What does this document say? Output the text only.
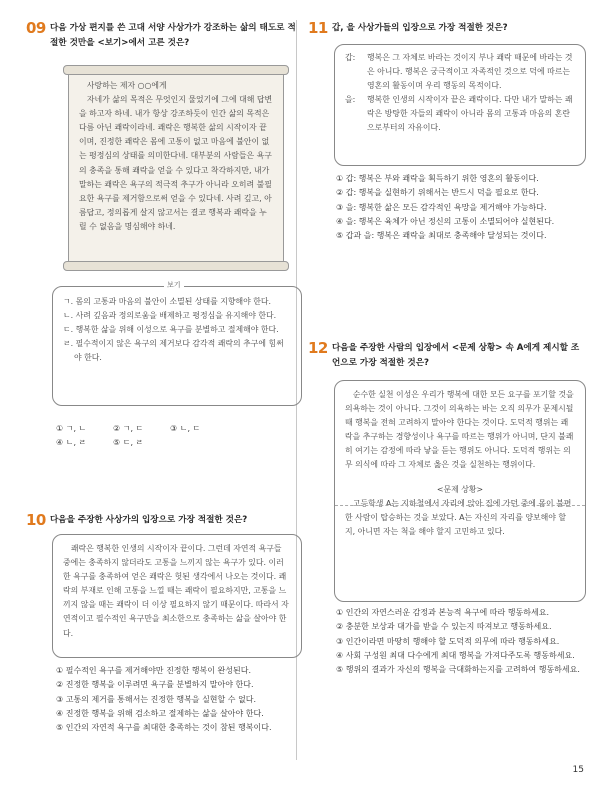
09 다음 가상 편지를 쓴 고대 서양 사상가가 강조하는 삶의 태도로 적절한 것만을 <보기>에서 고른 것은?

사랑하는 제자 ○○에게

자네가 삶의 목적은 무엇인지 물었기에 그에 대해 답변을 하고자 하네. 내가 항상 강조하듯이 인간 삶의 목적은 다름 아닌 쾌락이라네. 쾌락은 행복한 삶의 시작이자 끝이며, 진정한 쾌락은 몸에 고통이 없고 마음에 불안이 없는 평정심의 상태를 의미한다네. 대부분의 사람들은 욕구의 충족을 통해 쾌락을 얻을 수 있다고 착각하지만, 내가 말하는 쾌락은 욕구의 적극적 추구가 아니라 오히려 불필요한 욕구를 제거함으로써 얻을 수 있다네. 사려 깊고, 아름답고, 정의롭게 살지 않고서는 결코 행복과 쾌락을 누릴 수 없음을 명심해야 하네.

ㄱ. 몸의 고통과 마음의 불안이 소멸된 상태를 지향해야 한다.
ㄴ. 사려 깊음과 정의로움을 배제하고 평정심을 유지해야 한다.
ㄷ. 행복한 삶을 위해 이성으로 욕구를 분별하고 절제해야 한다.
ㄹ. 필수적이지 않은 욕구의 제거보다 감각적 쾌락의 추구에 힘써야 한다.
보기
① ㄱ, ㄴ	② ㄱ, ㄷ	③ ㄴ, ㄷ
④ ㄴ, ㄹ	⑤ ㄷ, ㄹ
10 다음을 주장한 사상가의 입장으로 가장 적절한 것은?

쾌락은 행복한 인생의 시작이자 끝이다. 그런데 자연적 욕구들 중에는 충족하지 않더라도 고통을 느끼지 않는 욕구가 있다. 이러한 욕구를 충족하여 얻은 쾌락은 헛된 생각에서 나오는 것이다. 쾌락의 부재로 인해 고통을 느낄 때는 쾌락이 필요하지만, 고통을 느끼지 않을 때는 쾌락이 더 이상 필요하지 않기 때문이다. 따라서 자연적이고 필수적인 욕구만을 최소한으로 충족하는 삶을 살아야 한다.

① 필수적인 욕구를 제거해야만 진정한 행복이 완성된다.
② 진정한 행복을 이루려면 욕구를 분별하지 말아야 한다.
③ 고통의 제거를 통해서는 진정한 행복을 실현할 수 없다.
④ 진정한 행복을 위해 검소하고 절제하는 삶을 살아야 한다.
⑤ 인간의 자연적 욕구를 최대한 충족하는 것이 참된 행복이다.
11 갑, 을 사상가들의 입장으로 가장 적절한 것은?
갑:	행복은 그 자체로 바라는 것이지 부나 쾌락 때문에 바라는 것은 아니다. 행복은 궁극적이고 자족적인 것으로 덕에 따르는 영혼의 활동이며 우리 행동의 목적이다.
을:	행복한 인생의 시작이자 끝은 쾌락이다. 다만 내가 말하는 쾌락은 방탕한 자들의 쾌락이 아니라 몸의 고통과 마음의 혼란으로부터의 자유이다.
① 갑: 행복은 부와 쾌락을 획득하기 위한 영혼의 활동이다.
② 갑: 행복을 실현하기 위해서는 반드시 덕을 필요로 한다.
③ 을: 행복한 삶은 모든 감각적인 욕망을 제거해야 가능하다.
④ 을: 행복은 육체가 아닌 정신의 고통이 소멸되어야 실현된다.
⑤ 갑과 을: 행복은 쾌락을 최대로 충족해야 달성되는 것이다.
12 다음을 주장한 사람의 입장에서 <문제 상황> 속 A에게 제시할 조언으로 가장 적절한 것은?

순수한 실천 이성은 우리가 행복에 대한 모든 요구를 포기할 것을 의욕하는 것이 아니다. 그것이 의욕하는 바는 오직 의무가 문제시될 때 행복을 전혀 고려하지 말아야 한다는 것이다. 도덕적 행위는 쾌락을 추구하는 경향성이나 욕구를 따르는 행위가 아니며, 단지 불쾌히 여기는 감정에 따라 낳을 듣는 행위도 아니다. 도덕적 행위는 의무 의식에 따라 그 자체로 옳은 것을 실천하는 행위이다.

<문제 상황>

고등학생 A는 지하철에서 자리에 앉아 집에 가던 중에 몸이 불편한 사람이 탑승하는 것을 보았다. A는 자신의 자리를 양보해야 할지, 아니면 자는 척을 해야 할지 고민하고 있다.

① 인간의 자연스러운 감정과 본능적 욕구에 따라 행동하세요.
② 충분한 보상과 대가를 받을 수 있는지 따져보고 행동하세요.
③ 인간이라면 마땅히 행해야 할 도덕적 의무에 따라 행동하세요.
④ 사회 구성원 최대 다수에게 최대 행복을 가져다주도록 행동하세요.
⑤ 행위의 결과가 자신의 행복을 극대화하는지를 고려하여 행동하세요.
15
